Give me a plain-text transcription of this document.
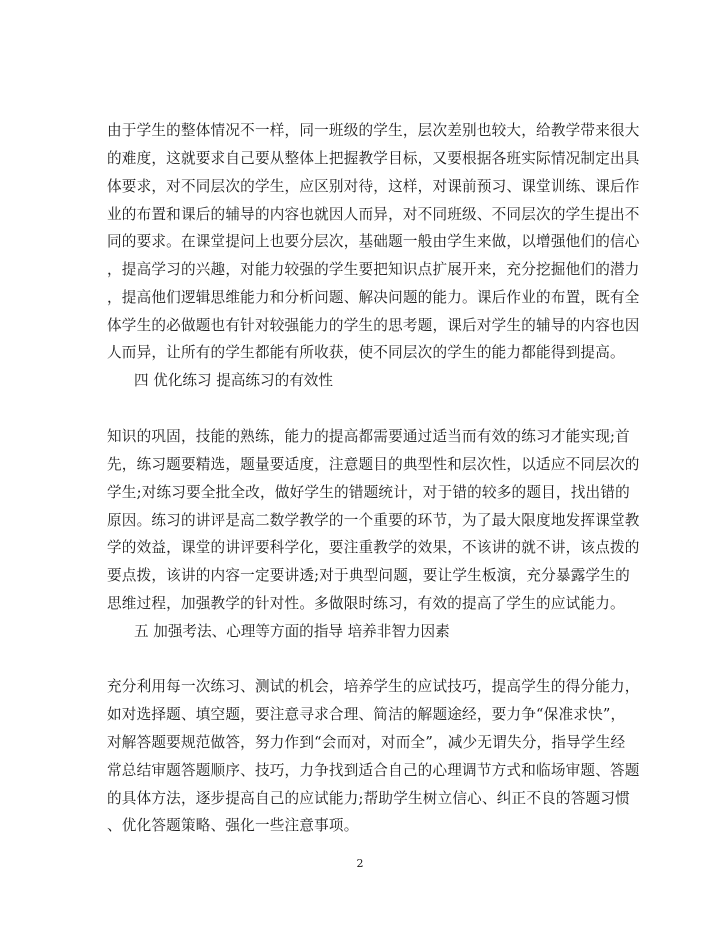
由于学生的整体情况不一样，同一班级的学生，层次差别也较大，给教学带来很大
的难度，这就要求自己要从整体上把握教学目标，又要根据各班实际情况制定出具
体要求，对不同层次的学生，应区别对待，这样，对课前预习、课堂训练、课后作
业的布置和课后的辅导的内容也就因人而异，对不同班级、不同层次的学生提出不
同的要求。在课堂提问上也要分层次，基础题一般由学生来做，以增强他们的信心
，提高学习的兴趣，对能力较强的学生要把知识点扩展开来，充分挖掘他们的潜力
，提高他们逻辑思维能力和分析问题、解决问题的能力。课后作业的布置，既有全
体学生的必做题也有针对较强能力的学生的思考题，课后对学生的辅导的内容也因
人而异，让所有的学生都能有所收获，使不同层次的学生的能力都能得到提高。
四 优化练习 提高练习的有效性
知识的巩固，技能的熟练，能力的提高都需要通过适当而有效的练习才能实现;首
先，练习题要精选，题量要适度，注意题目的典型性和层次性，以适应不同层次的
学生;对练习要全批全改，做好学生的错题统计，对于错的较多的题目，找出错的
原因。练习的讲评是高二数学教学的一个重要的环节，为了最大限度地发挥课堂教
学的效益，课堂的讲评要科学化，要注重教学的效果，不该讲的就不讲，该点拨的
要点拨，该讲的内容一定要讲透;对于典型问题，要让学生板演，充分暴露学生的
思维过程，加强教学的针对性。多做限时练习，有效的提高了学生的应试能力。
五 加强考法、心理等方面的指导 培养非智力因素
充分利用每一次练习、测试的机会，培养学生的应试技巧，提高学生的得分能力，
如对选择题、填空题，要注意寻求合理、简洁的解题途经，要力争“保准求快”，
对解答题要规范做答，努力作到“会而对，对而全”，减少无谓失分，指导学生经
常总结审题答题顺序、技巧，力争找到适合自己的心理调节方式和临场审题、答题
的具体方法，逐步提高自己的应试能力;帮助学生树立信心、纠正不良的答题习惯
、优化答题策略、强化一些注意事项。
2
